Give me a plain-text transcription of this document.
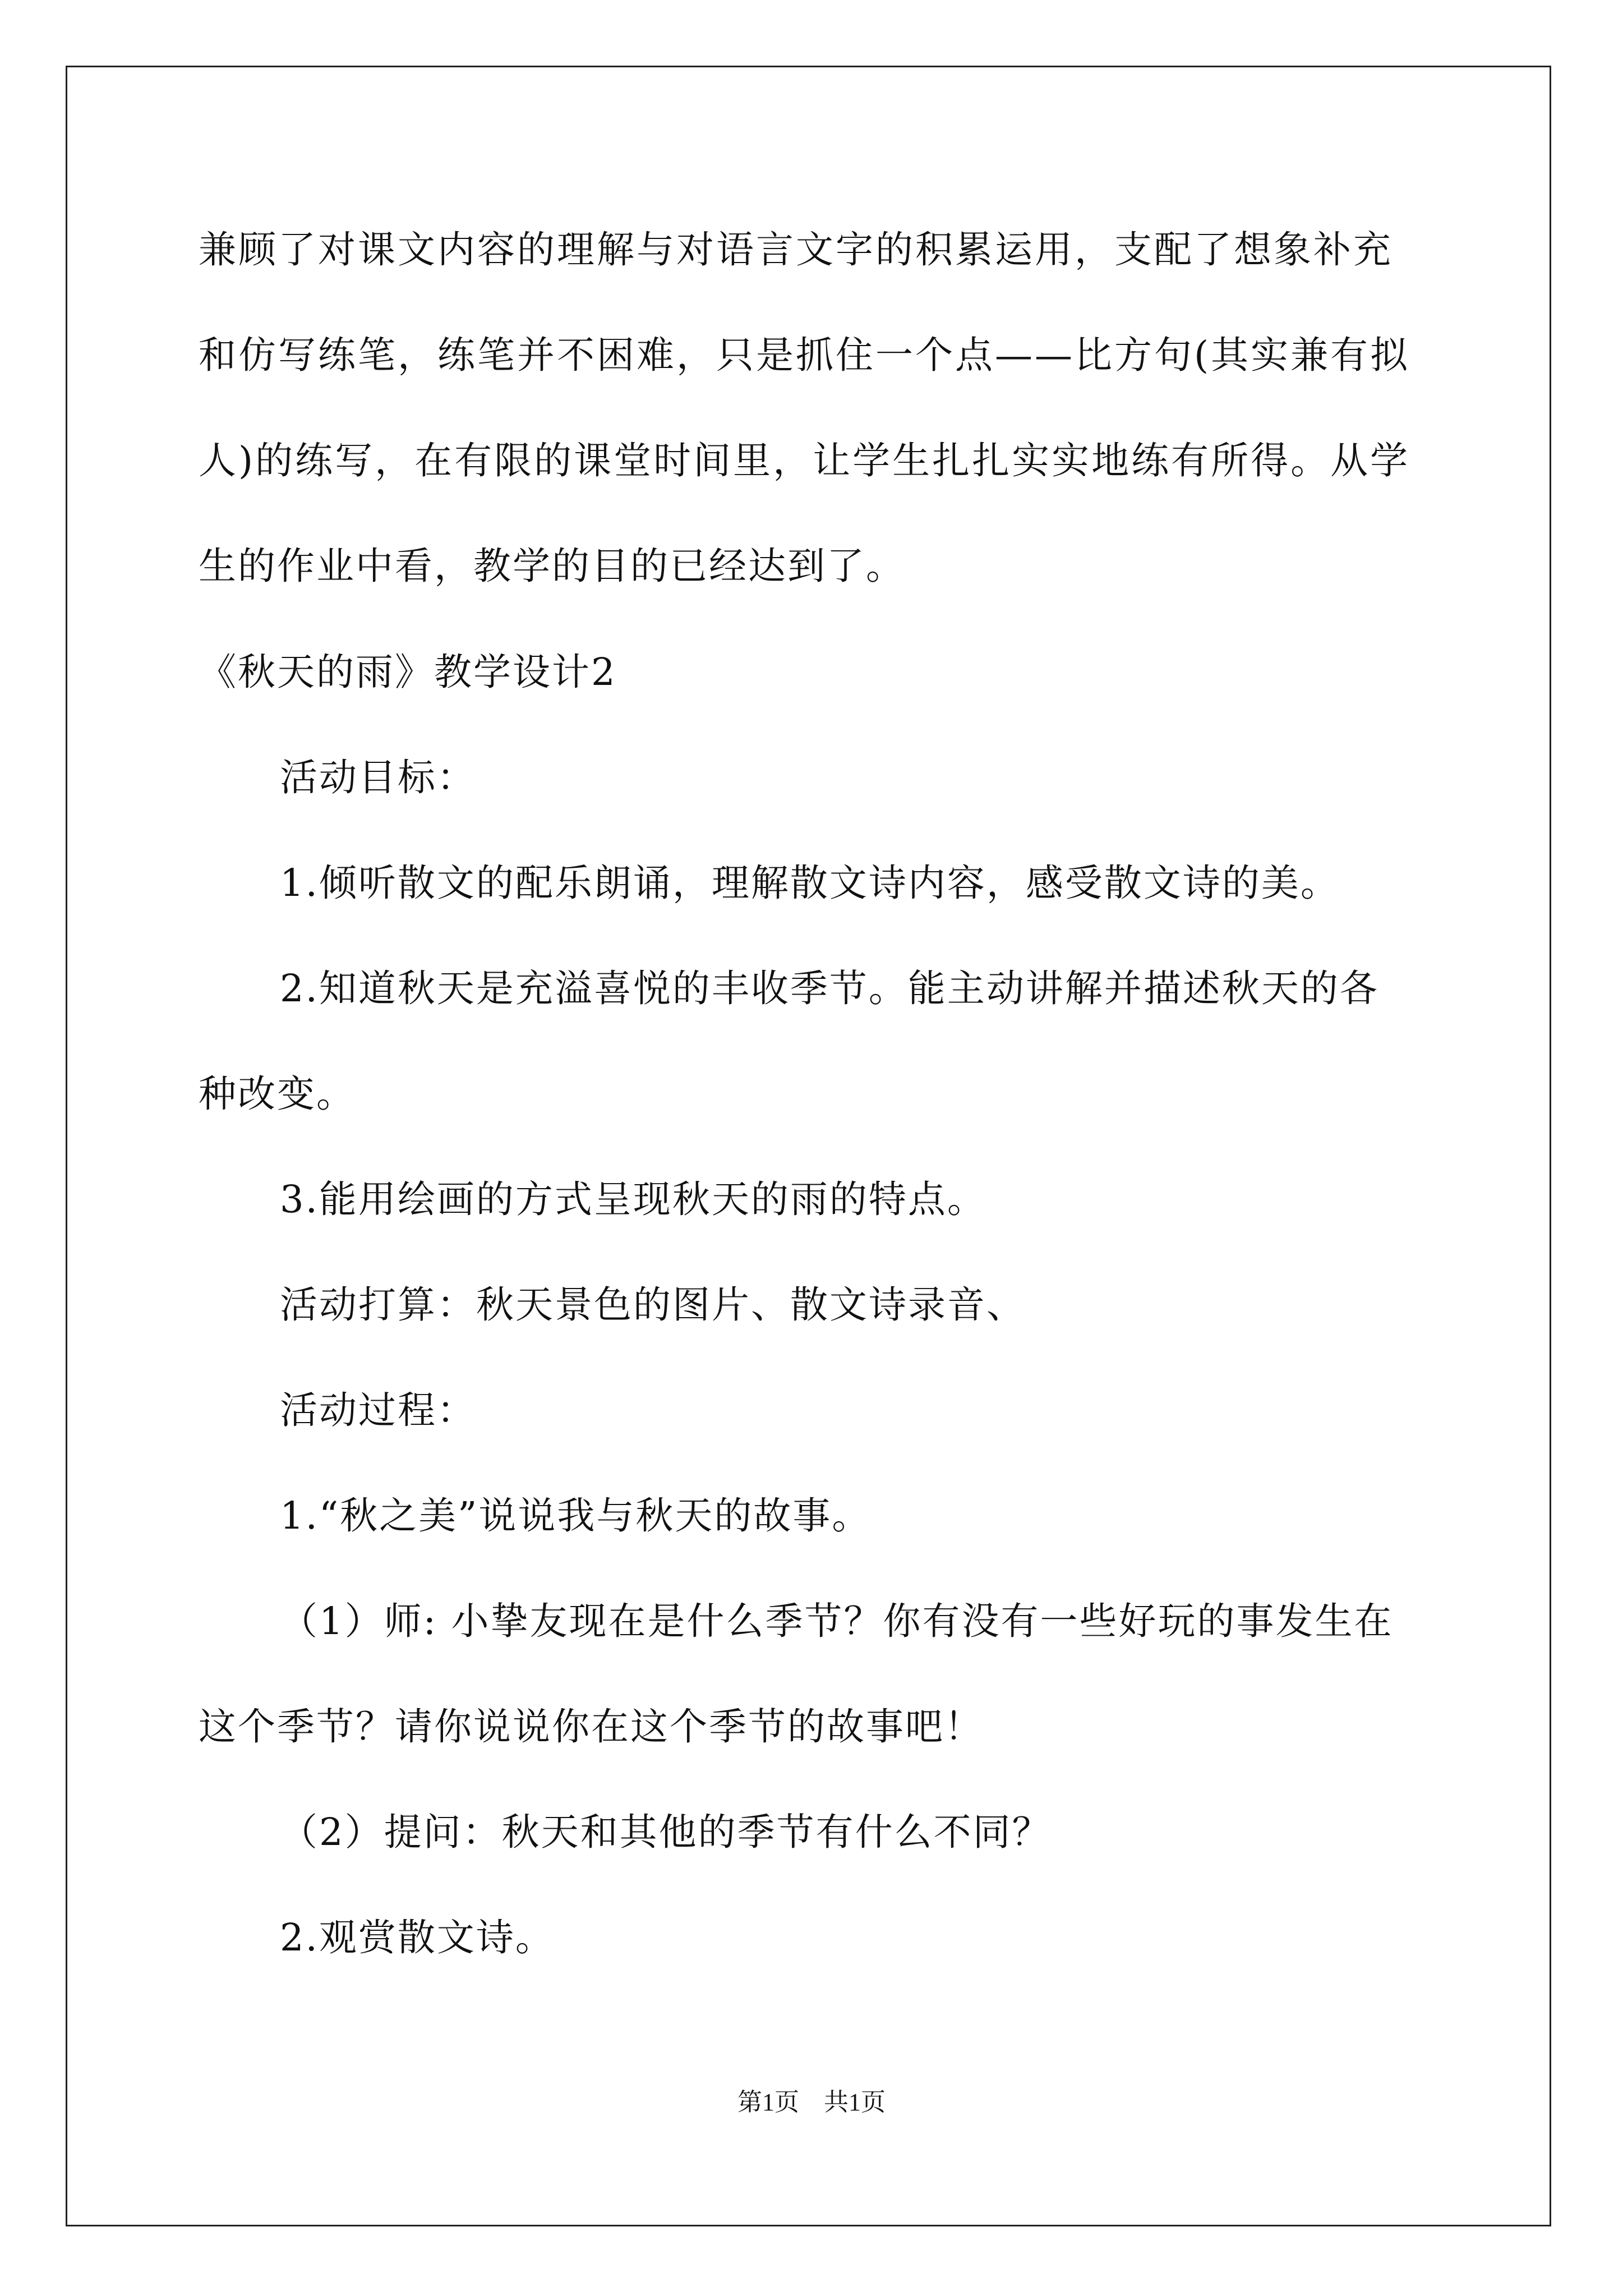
兼顾了对课文内容的理解与对语言文字的积累运用，支配了想象补充
和仿写练笔，练笔并不困难，只是抓住一个点——比方句(其实兼有拟
人)的练写，在有限的课堂时间里，让学生扎扎实实地练有所得。从学
生的作业中看，教学的目的已经达到了。
《秋天的雨》教学设计2
活动目标：
1.倾听散文的配乐朗诵，理解散文诗内容，感受散文诗的美。
2.知道秋天是充溢喜悦的丰收季节。能主动讲解并描述秋天的各
种改变。
3.能用绘画的方式呈现秋天的雨的特点。
活动打算：秋天景色的图片、散文诗录音、
活动过程：
1.“秋之美”说说我与秋天的故事。
（1）师: 小挚友现在是什么季节？你有没有一些好玩的事发生在
这个季节？请你说说你在这个季节的故事吧！
（2）提问：秋天和其他的季节有什么不同？
2.观赏散文诗。
第1页 共1页
